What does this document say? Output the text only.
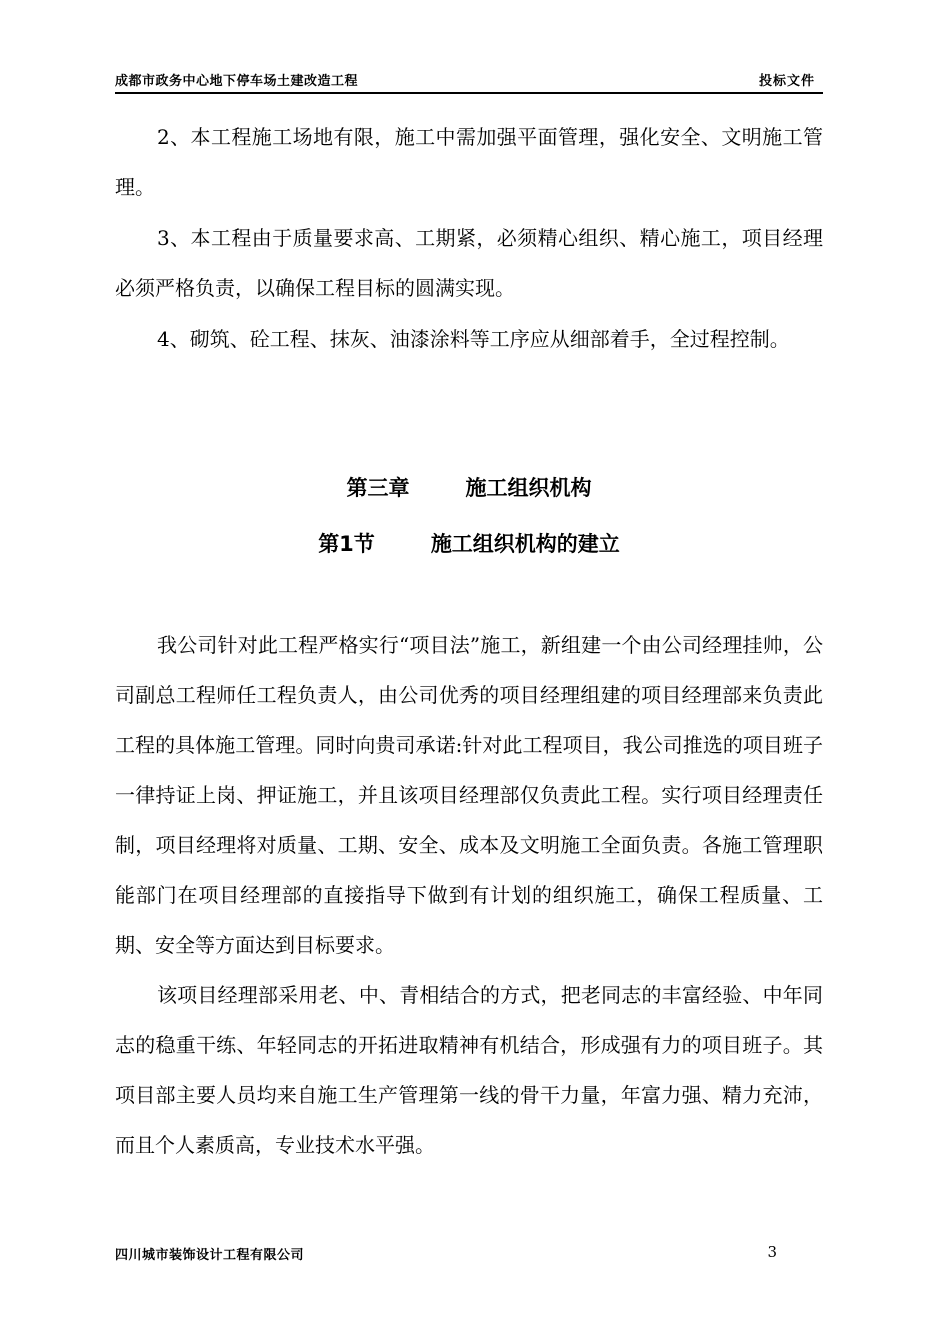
成都市政务中心地下停车场土建改造工程	投标文件

2、本工程施工场地有限，施工中需加强平面管理，强化安全、文明施工管理。

3、本工程由于质量要求高、工期紧，必须精心组织、精心施工，项目经理必须严格负责，以确保工程目标的圆满实现。

4、砌筑、砼工程、抹灰、油漆涂料等工序应从细部着手，全过程控制。

第三章	施工组织机构
第1节	施工组织机构的建立

我公司针对此工程严格实行“项目法”施工，新组建一个由公司经理挂帅，公司副总工程师任工程负责人，由公司优秀的项目经理组建的项目经理部来负责此工程的具体施工管理。同时向贵司承诺:针对此工程项目，我公司推选的项目班子一律持证上岗、押证施工，并且该项目经理部仅负责此工程。实行项目经理责任制，项目经理将对质量、工期、安全、成本及文明施工全面负责。各施工管理职能部门在项目经理部的直接指导下做到有计划的组织施工，确保工程质量、工期、安全等方面达到目标要求。

该项目经理部采用老、中、青相结合的方式，把老同志的丰富经验、中年同志的稳重干练、年轻同志的开拓进取精神有机结合，形成强有力的项目班子。其项目部主要人员均来自施工生产管理第一线的骨干力量，年富力强、精力充沛，而且个人素质高，专业技术水平强。

四川城市装饰设计工程有限公司	3
